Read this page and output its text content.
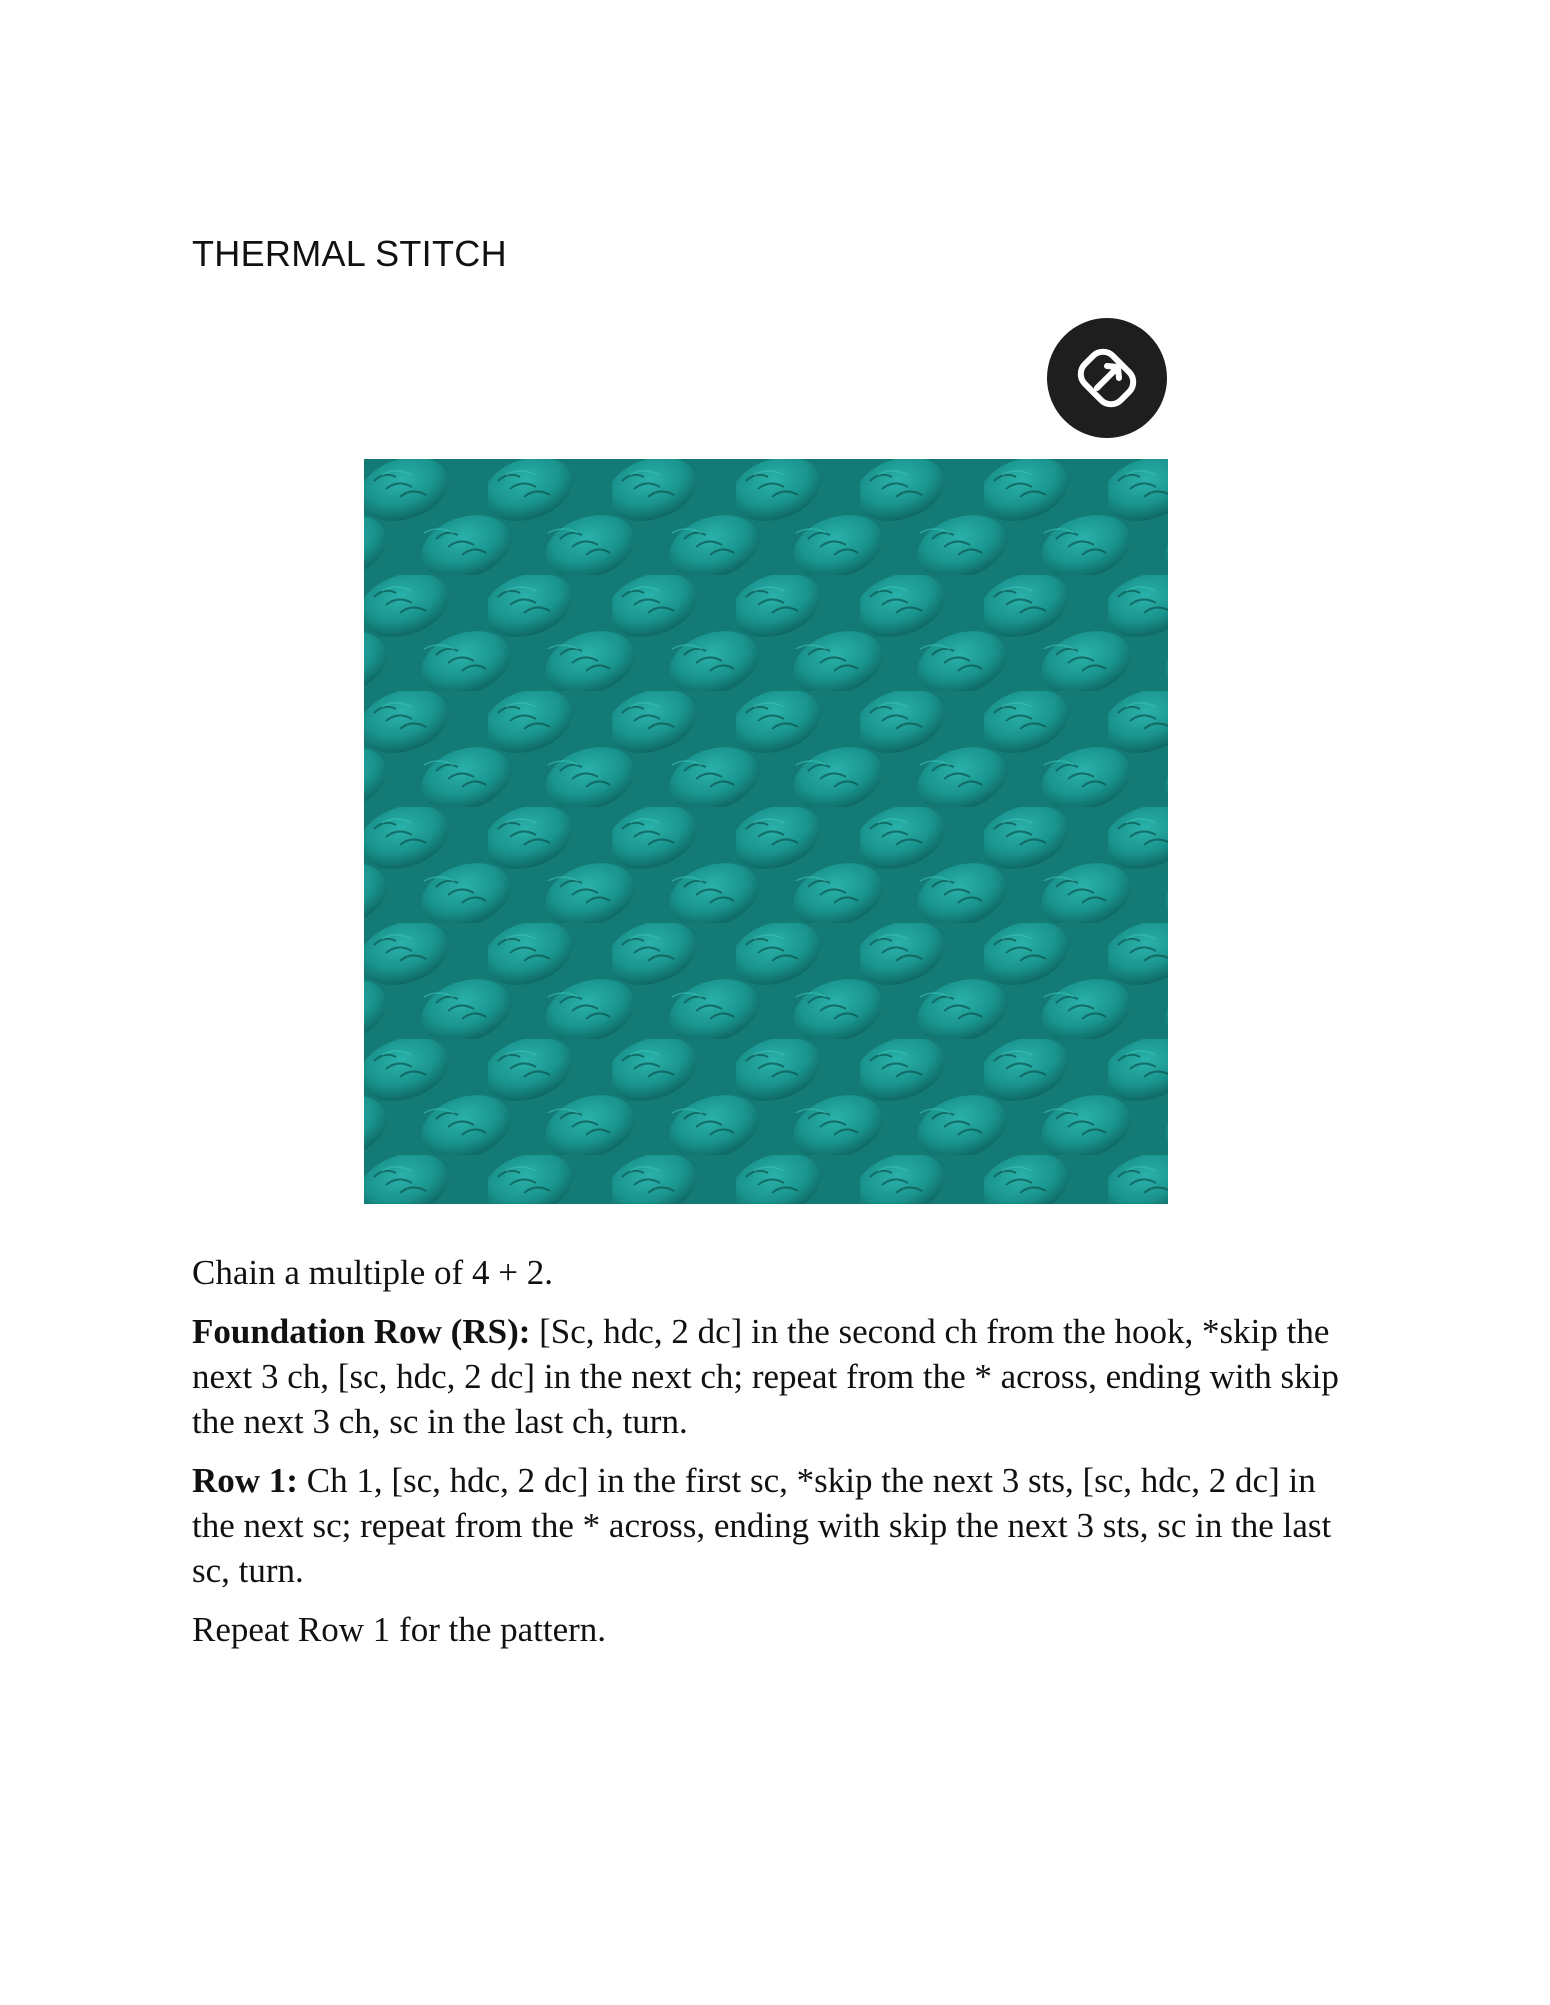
THERMAL STITCH

Chain a multiple of 4 + 2.

Foundation Row (RS): [Sc, hdc, 2 dc] in the second ch from the hook, *skip the next 3 ch, [sc, hdc, 2 dc] in the next ch; repeat from the * across, ending with skip the next 3 ch, sc in the last ch, turn.

Row 1: Ch 1, [sc, hdc, 2 dc] in the first sc, *skip the next 3 sts, [sc, hdc, 2 dc] in the next sc; repeat from the * across, ending with skip the next 3 sts, sc in the last sc, turn.

Repeat Row 1 for the pattern.
